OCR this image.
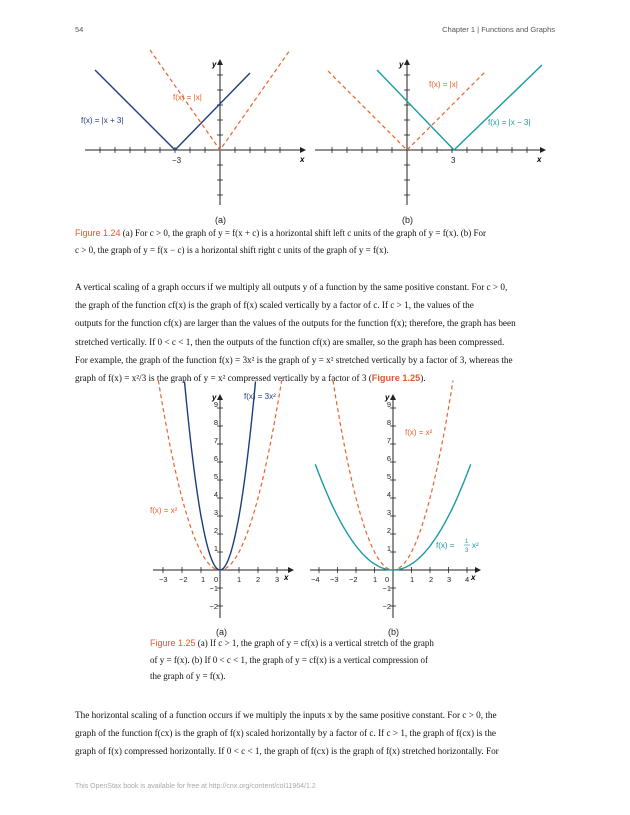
54	Chapter 1 | Functions and Graphs
−3
y
x
f(x) = |x|
f(x) = |x + 3|
(a)
3
y
x
f(x) = |x|
f(x) = |x − 3|
(b)
Figure 1.24 (a) For c > 0, the graph of y = f(x + c) is a horizontal shift left c units of the graph of y = f(x). (b) For
c > 0, the graph of y = f(x − c) is a horizontal shift right c units of the graph of y = f(x).
A vertical scaling of a graph occurs if we multiply all outputs y of a function by the same positive constant. For c > 0,
the graph of the function cf(x) is the graph of f(x) scaled vertically by a factor of c. If c > 1, the values of the
outputs for the function cf(x) are larger than the values of the outputs for the function f(x); therefore, the graph has been
stretched vertically. If 0 < c < 1, then the outputs of the function cf(x) are smaller, so the graph has been compressed.
For example, the graph of the function f(x) = 3x² is the graph of y = x² stretched vertically by a factor of 3, whereas the
graph of f(x) = x²/3 is the graph of y = x² compressed vertically by a factor of 3 (Figure 1.25).
−3 −2 1 0	1 2 3
9
8
7
6
5
4
3
2
1
−1
−2
y
x
f(x) = 3x²
f(x) = x²
(a)
−4 −3 −2 1 0	1 2 3 4
9
8
7
6
5
4
3
2
1
−1
−2
y
x
f(x) = x²
f(x) = 1
3
x²
(b)
Figure 1.25 (a) If c > 1, the graph of y = cf(x) is a vertical stretch of the graph
of y = f(x). (b) If 0 < c < 1, the graph of y = cf(x) is a vertical compression of
the graph of y = f(x).
The horizontal scaling of a function occurs if we multiply the inputs x by the same positive constant. For c > 0, the
graph of the function f(cx) is the graph of f(x) scaled horizontally by a factor of c. If c > 1, the graph of f(cx) is the
graph of f(x) compressed horizontally. If 0 < c < 1, the graph of f(cx) is the graph of f(x) stretched horizontally. For
This OpenStax book is available for free at http://cnx.org/content/col11964/1.2
